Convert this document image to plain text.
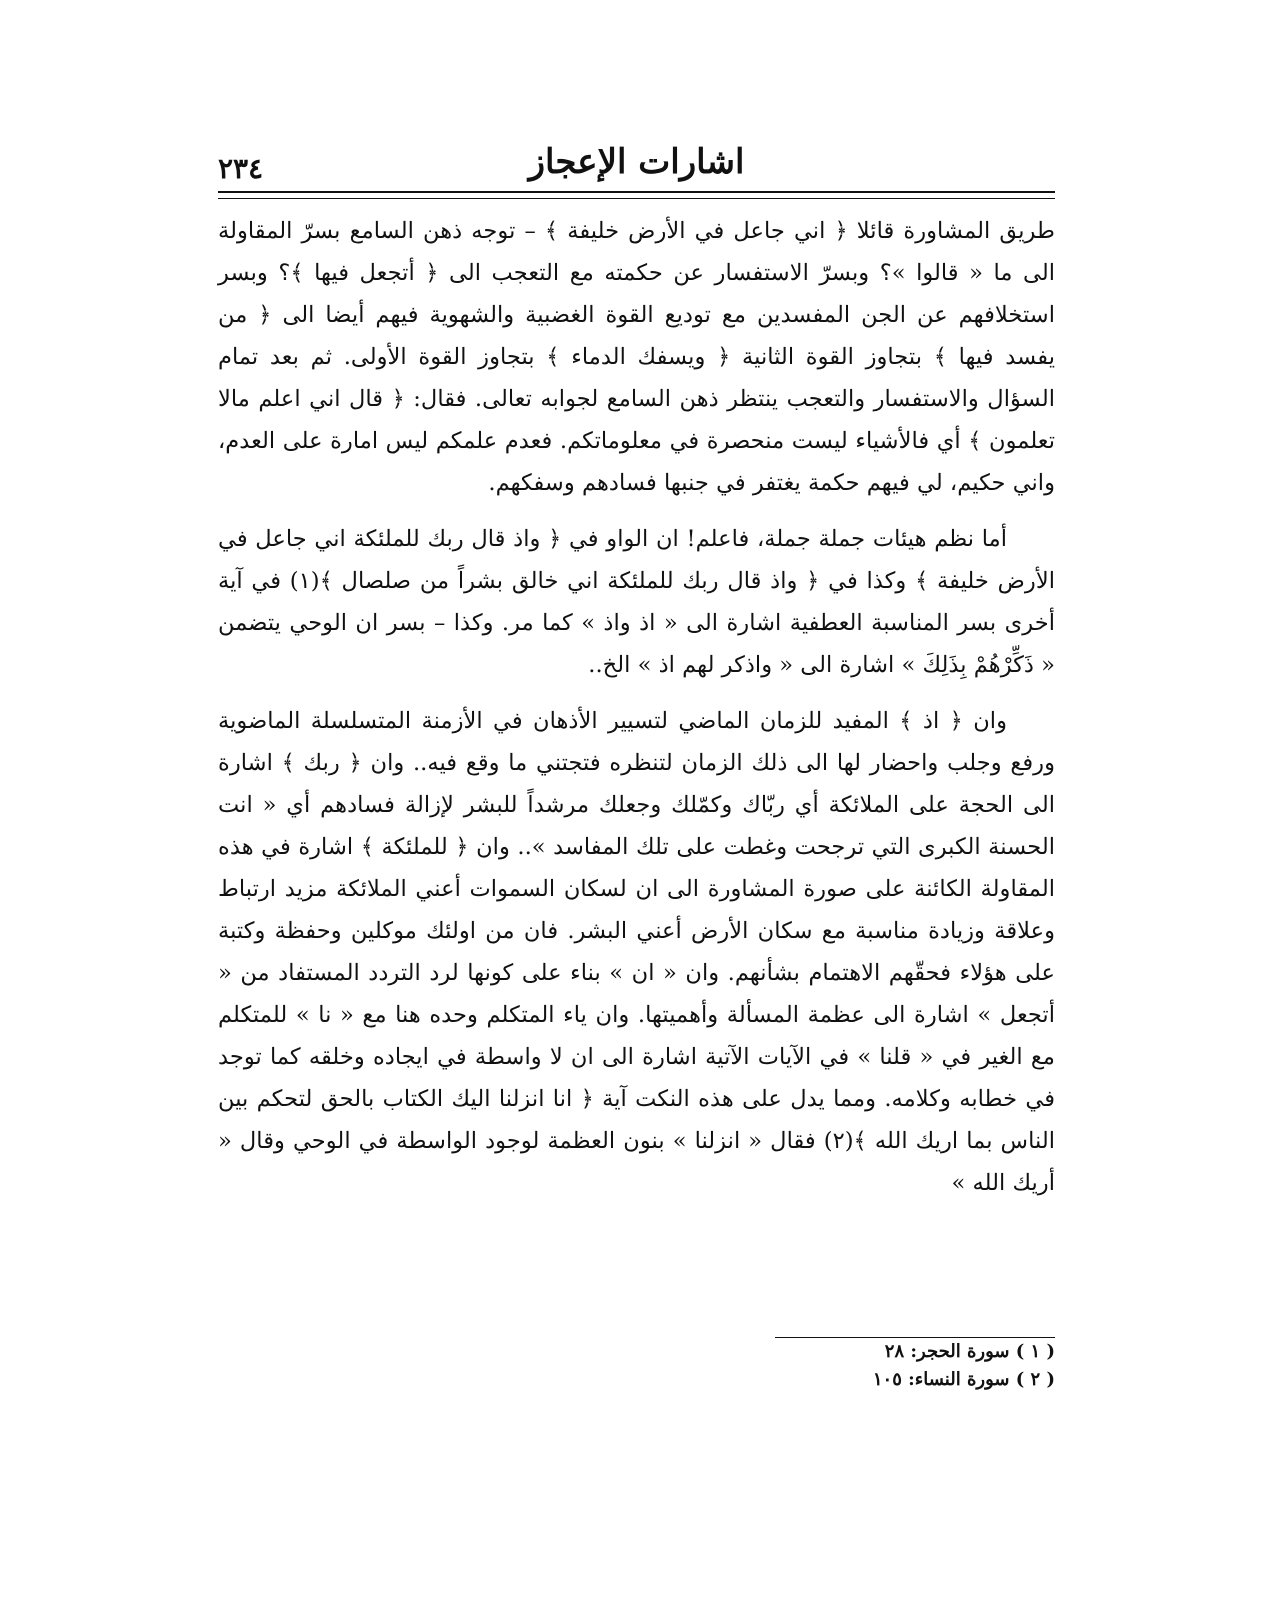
٢٣٤	اشارات الإعجاز

طريق المشاورة قائلا ﴿ اني جاعل في الأرض خليفة ﴾ – توجه ذهن السامع بسرّ المقاولة الى ما « قالوا »؟ وبسرّ الاستفسار عن حكمته مع التعجب الى ﴿ أتجعل فيها ﴾؟ وبسر استخلافهم عن الجن المفسدين مع توديع القوة الغضبية والشهوية فيهم أيضا الى ﴿ من يفسد فيها ﴾ بتجاوز القوة الثانية ﴿ ويسفك الدماء ﴾ بتجاوز القوة الأولى. ثم بعد تمام السؤال والاستفسار والتعجب ينتظر ذهن السامع لجوابه تعالى. فقال: ﴿ قال اني اعلم مالا تعلمون ﴾ أي فالأشياء ليست منحصرة في معلوماتكم. فعدم علمكم ليس امارة على العدم، واني حكيم، لي فيهم حكمة يغتفر في جنبها فسادهم وسفكهم.

أما نظم هيئات جملة جملة، فاعلم! ان الواو في ﴿ واذ قال ربك للملئكة اني جاعل في الأرض خليفة ﴾ وكذا في ﴿ واذ قال ربك للملئكة اني خالق بشراً من صلصال ﴾(١) في آية أخرى بسر المناسبة العطفية اشارة الى « اذ واذ » كما مر. وكذا – بسر ان الوحي يتضمن « ذَكِّرْهُمْ بِذَلِكَ » اشارة الى « واذكر لهم اذ » الخ..

وان ﴿ اذ ﴾ المفيد للزمان الماضي لتسيير الأذهان في الأزمنة المتسلسلة الماضوية ورفع وجلب واحضار لها الى ذلك الزمان لتنظره فتجتني ما وقع فيه.. وان ﴿ ربك ﴾ اشارة الى الحجة على الملائكة أي ربّاك وكمّلك وجعلك مرشداً للبشر لإزالة فسادهم أي « انت الحسنة الكبرى التي ترجحت وغطت على تلك المفاسد ».. وان ﴿ للملئكة ﴾ اشارة في هذه المقاولة الكائنة على صورة المشاورة الى ان لسكان السموات أعني الملائكة مزيد ارتباط وعلاقة وزيادة مناسبة مع سكان الأرض أعني البشر. فان من اولئك موكلين وحفظة وكتبة على هؤلاء فحقّهم الاهتمام بشأنهم. وان « ان » بناء على كونها لرد التردد المستفاد من « أتجعل » اشارة الى عظمة المسألة وأهميتها. وان ياء المتكلم وحده هنا مع « نا » للمتكلم مع الغير في « قلنا » في الآيات الآتية اشارة الى ان لا واسطة في ايجاده وخلقه كما توجد في خطابه وكلامه. ومما يدل على هذه النكت آية ﴿ انا انزلنا اليك الكتاب بالحق لتحكم بين الناس بما اريك الله ﴾(٢) فقال « انزلنا » بنون العظمة لوجود الواسطة في الوحي وقال « أريك الله »

( ١ ) سورة الحجر: ٢٨

( ٢ ) سورة النساء: ١٠٥
